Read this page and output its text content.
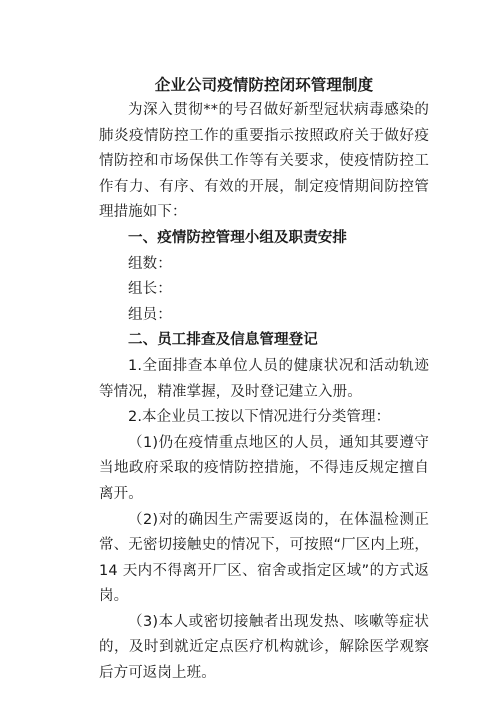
企业公司疫情防控闭环管理制度

为深入贯彻**的号召做好新型冠状病毒感染的肺炎疫情防控工作的重要指示按照政府关于做好疫情防控和市场保供工作等有关要求，使疫情防控工作有力、有序、有效的开展，制定疫情期间防控管理措施如下：

一、疫情防控管理小组及职责安排

组数：

组长：

组员：

二、员工排查及信息管理登记

1.全面排查本单位人员的健康状况和活动轨迹等情况，精准掌握，及时登记建立入册。

2.本企业员工按以下情况进行分类管理：

（1)仍在疫情重点地区的人员，通知其要遵守当地政府采取的疫情防控措施，不得违反规定擅自离开。

（2)对的确因生产需要返岗的，在体温检测正常、无密切接触史的情况下，可按照“厂区内上班，14 天内不得离开厂区、宿舍或指定区域”的方式返岗。

（3)本人或密切接触者出现发热、咳嗽等症状的，及时到就近定点医疗机构就诊，解除医学观察后方可返岗上班。
